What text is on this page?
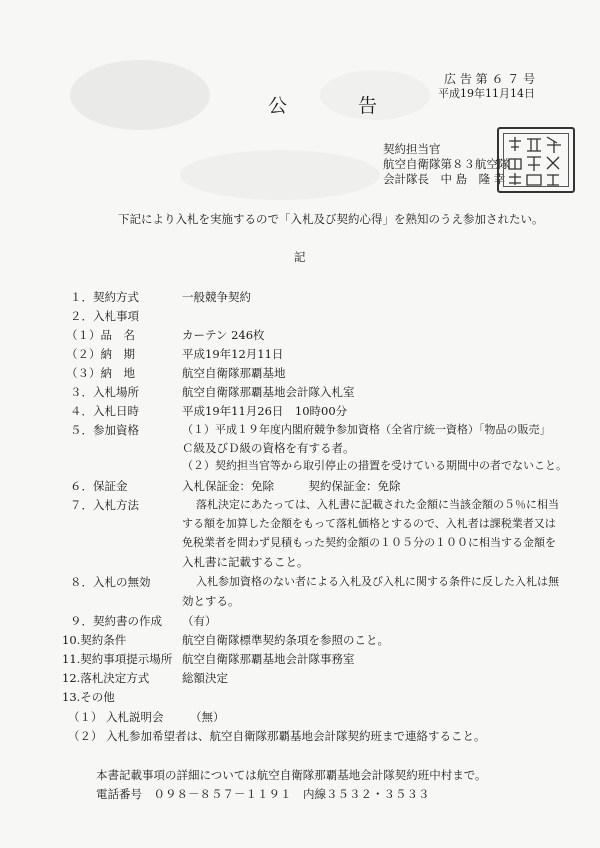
広 告 第 ６ ７ 号
平成19年11月14日
公　告
契約担当官
航空自衛隊第８３航空隊
会計隊長　中 島　隆 幸
下記により入札を実施するので「入札及び契約心得」を熟知のうえ参加されたい。
記
１．契約方式	一般競争契約
２．入札事項
（１）品　名	カーテン 246枚
（２）納　期	平成19年12月11日
（３）納　地	航空自衛隊那覇基地
３．入札場所	航空自衛隊那覇基地会計隊入札室
４．入札日時	平成19年11月26日　10時00分
５．参加資格	（１）平成１９年度内閣府競争参加資格（全省庁統一資格）「物品の販売」
Ｃ級及びＤ級の資格を有する者。
（２）契約担当官等から取引停止の措置を受けている期間中の者でないこと。
６．保証金	入札保証金：免除　　　契約保証金：免除
７．入札方法	落札決定にあたっては、入札書に記載された金額に当該金額の５％に相当
する額を加算した金額をもって落札価格とするので、入札者は課税業者又は
免税業者を問わず見積もった契約金額の１０５分の１００に相当する金額を
入札書に記載すること。
８．入札の無効	入札参加資格のない者による入札及び入札に関する条件に反した入札は無
効とする。
９．契約書の作成 （有）
10.契約条件	航空自衛隊標準契約条項を参照のこと。
11.契約事項提示場所 航空自衛隊那覇基地会計隊事務室
12.落札決定方式	総額決定
13.その他
（１） 入札説明会 （無）
（２） 入札参加希望者は、航空自衛隊那覇基地会計隊契約班まで連絡すること。
本書記載事項の詳細については航空自衛隊那覇基地会計隊契約班中村まで。
電話番号　０９８－８５７－１１９１　内線３５３２・３５３３
